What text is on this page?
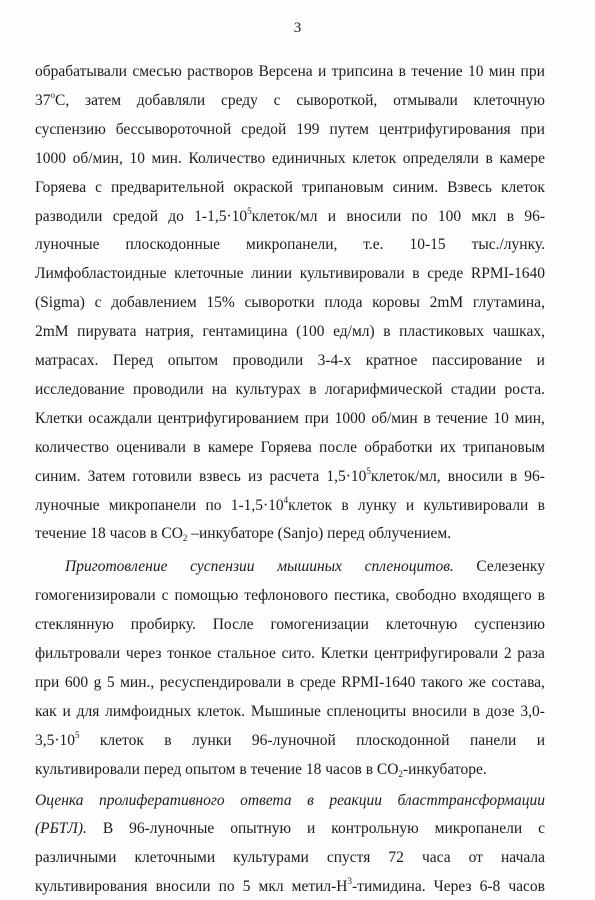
3
обрабатывали смесью растворов Версена и трипсина в течение 10 мин при
37$^o$C, затем добавляли среду с сывороткой, отмывали клеточную
суспензию бессывороточной средой 199 путем центрифугирования при
1000 об/мин, 10 мин. Количество единичных клеток определяли в камере
Горяева с предварительной окраской трипановым синим. Взвесь клеток
разводили средой до $1-1,5\cdot 10^5клеток/мл$ и вносили по 100 мкл в 96-
луночные плоскодонные микропанели, т.е. 10-15 тыс./лунку.
Лимфобластоидные клеточные линии культивировали в среде RPMI-1640
(Sigma) с добавлением 15% сыворотки плода коровы 2mM глутамина,
2mM пирувата натрия, гентамицина (100 ед/мл) в пластиковых чашках,
матрасах. Перед опытом проводили 3-4-х кратное пассирование и
исследование проводили на культурах в логарифмической стадии роста.
Клетки осаждали центрифугированием при 1000 об/мин в течение 10 мин,
количество оценивали в камере Горяева после обработки их трипановым
синим. Затем готовили взвесь из расчета $1,5\cdot 10^5клеток/мл$, вносили в 96-
луночные микропанели по $1-1,5\cdot 10^4клеток$ в лунку и культивировали в
течение 18 часов в $CO_2$ –инкубаторе (Sanjo) перед облучением.
Приготовление суспензии мышиных спленоцитов. Селезенку
гомогенизировали с помощью тефлонового пестика, свободно входящего в
стеклянную пробирку. После гомогенизации клеточную суспензию
фильтровали через тонкое стальное сито. Клетки центрифугировали 2 раза
при 600 g 5 мин., ресуспендировали в среде RPMI-1640 такого же состава,
как и для лимфоидных клеток. Мышиные спленоциты вносили в дозе 3,0-
$3,5\cdot 10^5$ клеток в лунки 96-луночной плоскодонной панели и
культивировали перед опытом в течение 18 часов в $CO_2$-инкубаторе.
Оценка пролиферативного ответа в реакции бласттрансформации
(РБТЛ). В 96-луночные опытную и контрольную микропанели с
различными клеточными культурами спустя 72 часа от начала
культивирования вносили по 5 мкл метил-$H^3$-тимидина. Через 6-8 часов
